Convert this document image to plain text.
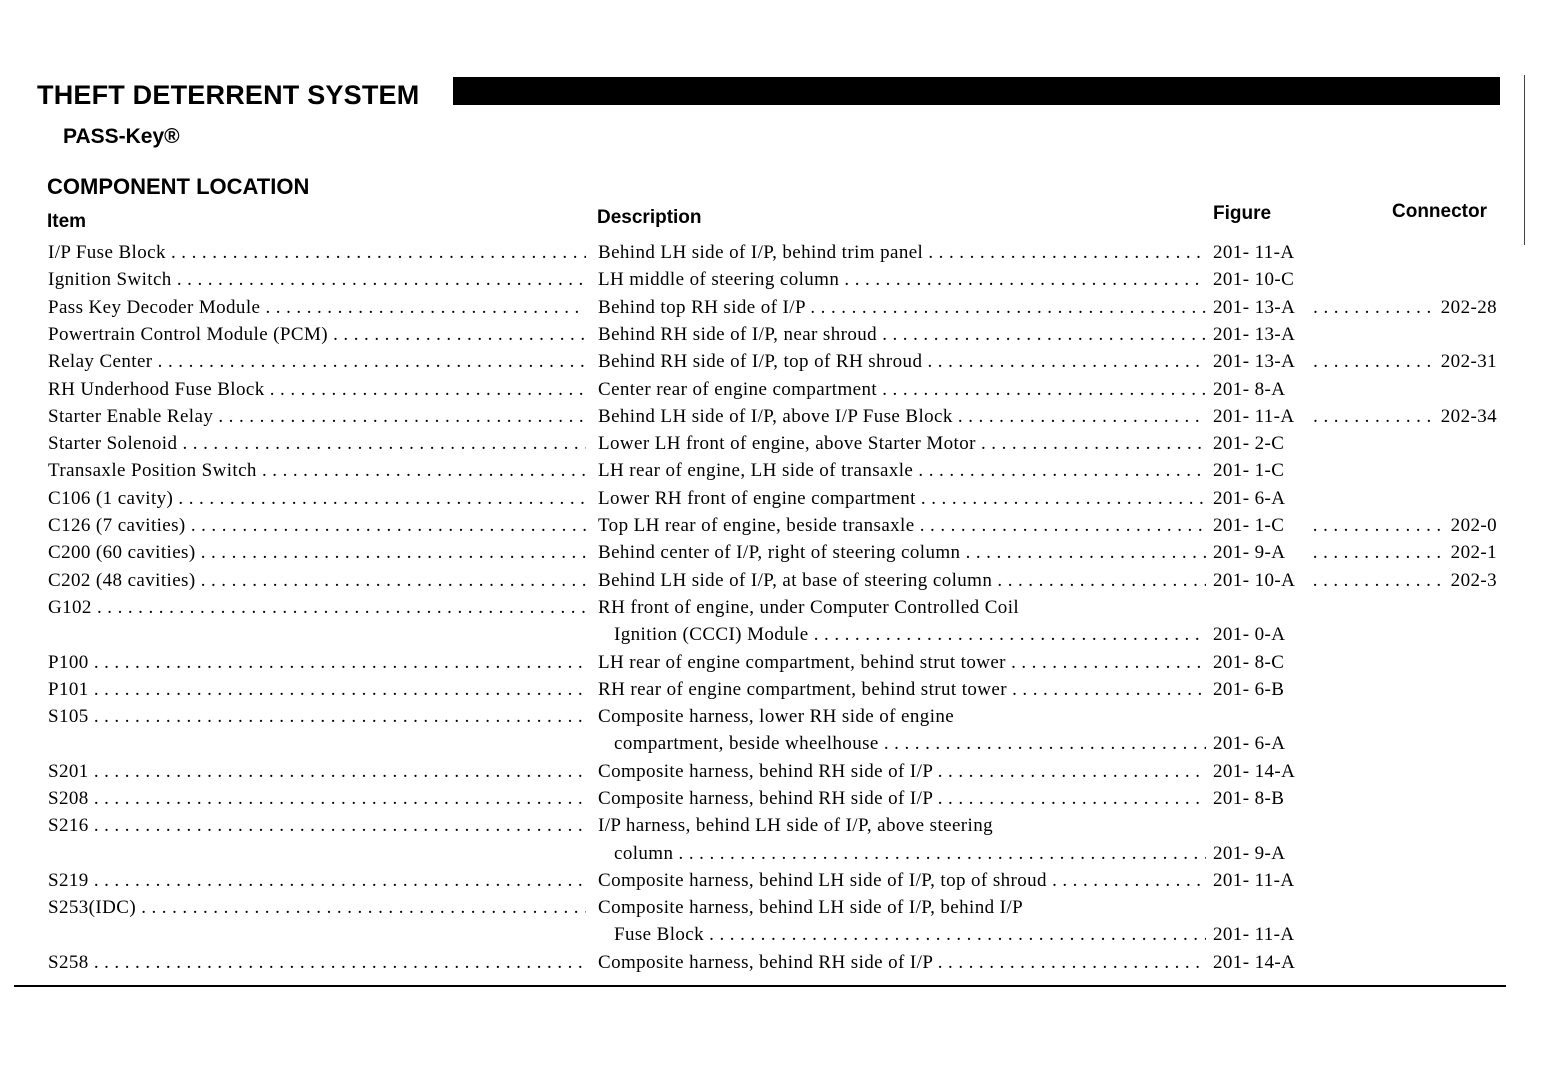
THEFT DETERRENT SYSTEM
PASS-Key®
COMPONENT LOCATION
Item	Description	Figure	Connector
I/P Fuse Block . . .	Behind LH side of I/P, behind trim panel . . .	201- 11-A
Ignition Switch . . .	LH middle of steering column . . .	201- 10-C
Pass Key Decoder Module . . .	Behind top RH side of I/P . . .	201- 13-A	. . . 202-28
Powertrain Control Module (PCM) . . .	Behind RH side of I/P, near shroud . . .	201- 13-A
Relay Center . . .	Behind RH side of I/P, top of RH shroud . . .	201- 13-A	. . . 202-31
RH Underhood Fuse Block . . .	Center rear of engine compartment . . .	201- 8-A
Starter Enable Relay . . .	Behind LH side of I/P, above I/P Fuse Block . . .	201- 11-A	. . . 202-34
Starter Solenoid . . .	Lower LH front of engine, above Starter Motor . . .	201- 2-C
Transaxle Position Switch . . .	LH rear of engine, LH side of transaxle . . .	201- 1-C
C106 (1 cavity) . . .	Lower RH front of engine compartment . . .	201- 6-A
C126 (7 cavities) . . .	Top LH rear of engine, beside transaxle . . .	201- 1-C	. . . 202-0
C200 (60 cavities) . . .	Behind center of I/P, right of steering column . . .	201- 9-A	. . . 202-1
C202 (48 cavities) . . .	Behind LH side of I/P, at base of steering column . . .	201- 10-A	. . . 202-3
G102 . . .	RH front of engine, under Computer Controlled Coil
Ignition (CCCI) Module . . .	201- 0-A
P100 . . .	LH rear of engine compartment, behind strut tower . . .	201- 8-C
P101 . . .	RH rear of engine compartment, behind strut tower . . .	201- 6-B
S105 . . .	Composite harness, lower RH side of engine
compartment, beside wheelhouse . . .	201- 6-A
S201 . . .	Composite harness, behind RH side of I/P . . .	201- 14-A
S208 . . .	Composite harness, behind RH side of I/P . . .	201- 8-B
S216 . . .	I/P harness, behind LH side of I/P, above steering
column . . .	201- 9-A
S219 . . .	Composite harness, behind LH side of I/P, top of shroud . . .	201- 11-A
S253(IDC) . . .	Composite harness, behind LH side of I/P, behind I/P
Fuse Block . . .	201- 11-A
S258 . . .	Composite harness, behind RH side of I/P . . .	201- 14-A
